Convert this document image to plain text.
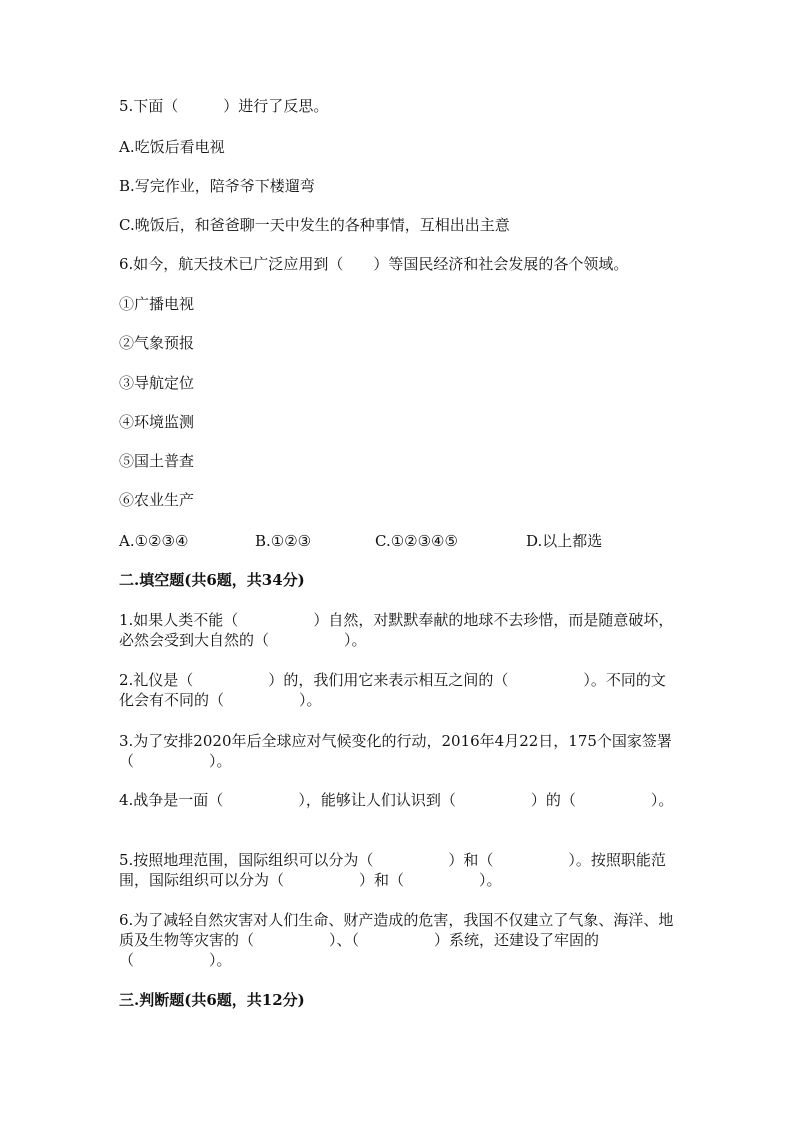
5.下面（　　　）进行了反思。
A.吃饭后看电视
B.写完作业，陪爷爷下楼遛弯
C.晚饭后，和爸爸聊一天中发生的各种事情，互相出出主意
6.如今，航天技术已广泛应用到（　　）等国民经济和社会发展的各个领域。
①广播电视
②气象预报
③导航定位
④环境监测
⑤国土普查
⑥农业生产
A.①②③④	B.①②③	C.①②③④⑤	D.以上都选
二.填空题(共6题，共34分)
1.如果人类不能（　　　　　）自然，对默默奉献的地球不去珍惜，而是随意破坏，必然会受到大自然的（　　　　　）。
2.礼仪是（　　　　　）的，我们用它来表示相互之间的（　　　　　）。不同的文化会有不同的（　　　　　）。
3.为了安排2020年后全球应对气候变化的行动，2016年4月22日，175个国家签署（　　　　　）。
4.战争是一面（　　　　　），能够让人们认识到（　　　　　）的（　　　　　）。
5.按照地理范围，国际组织可以分为（　　　　　）和（　　　　　）。按照职能范围，国际组织可以分为（　　　　　）和（　　　　　）。
6.为了减轻自然灾害对人们生命、财产造成的危害，我国不仅建立了气象、海洋、地质及生物等灾害的（　　　　　）、（　　　　　）系统，还建设了牢固的（　　　　　）。
三.判断题(共6题，共12分)
